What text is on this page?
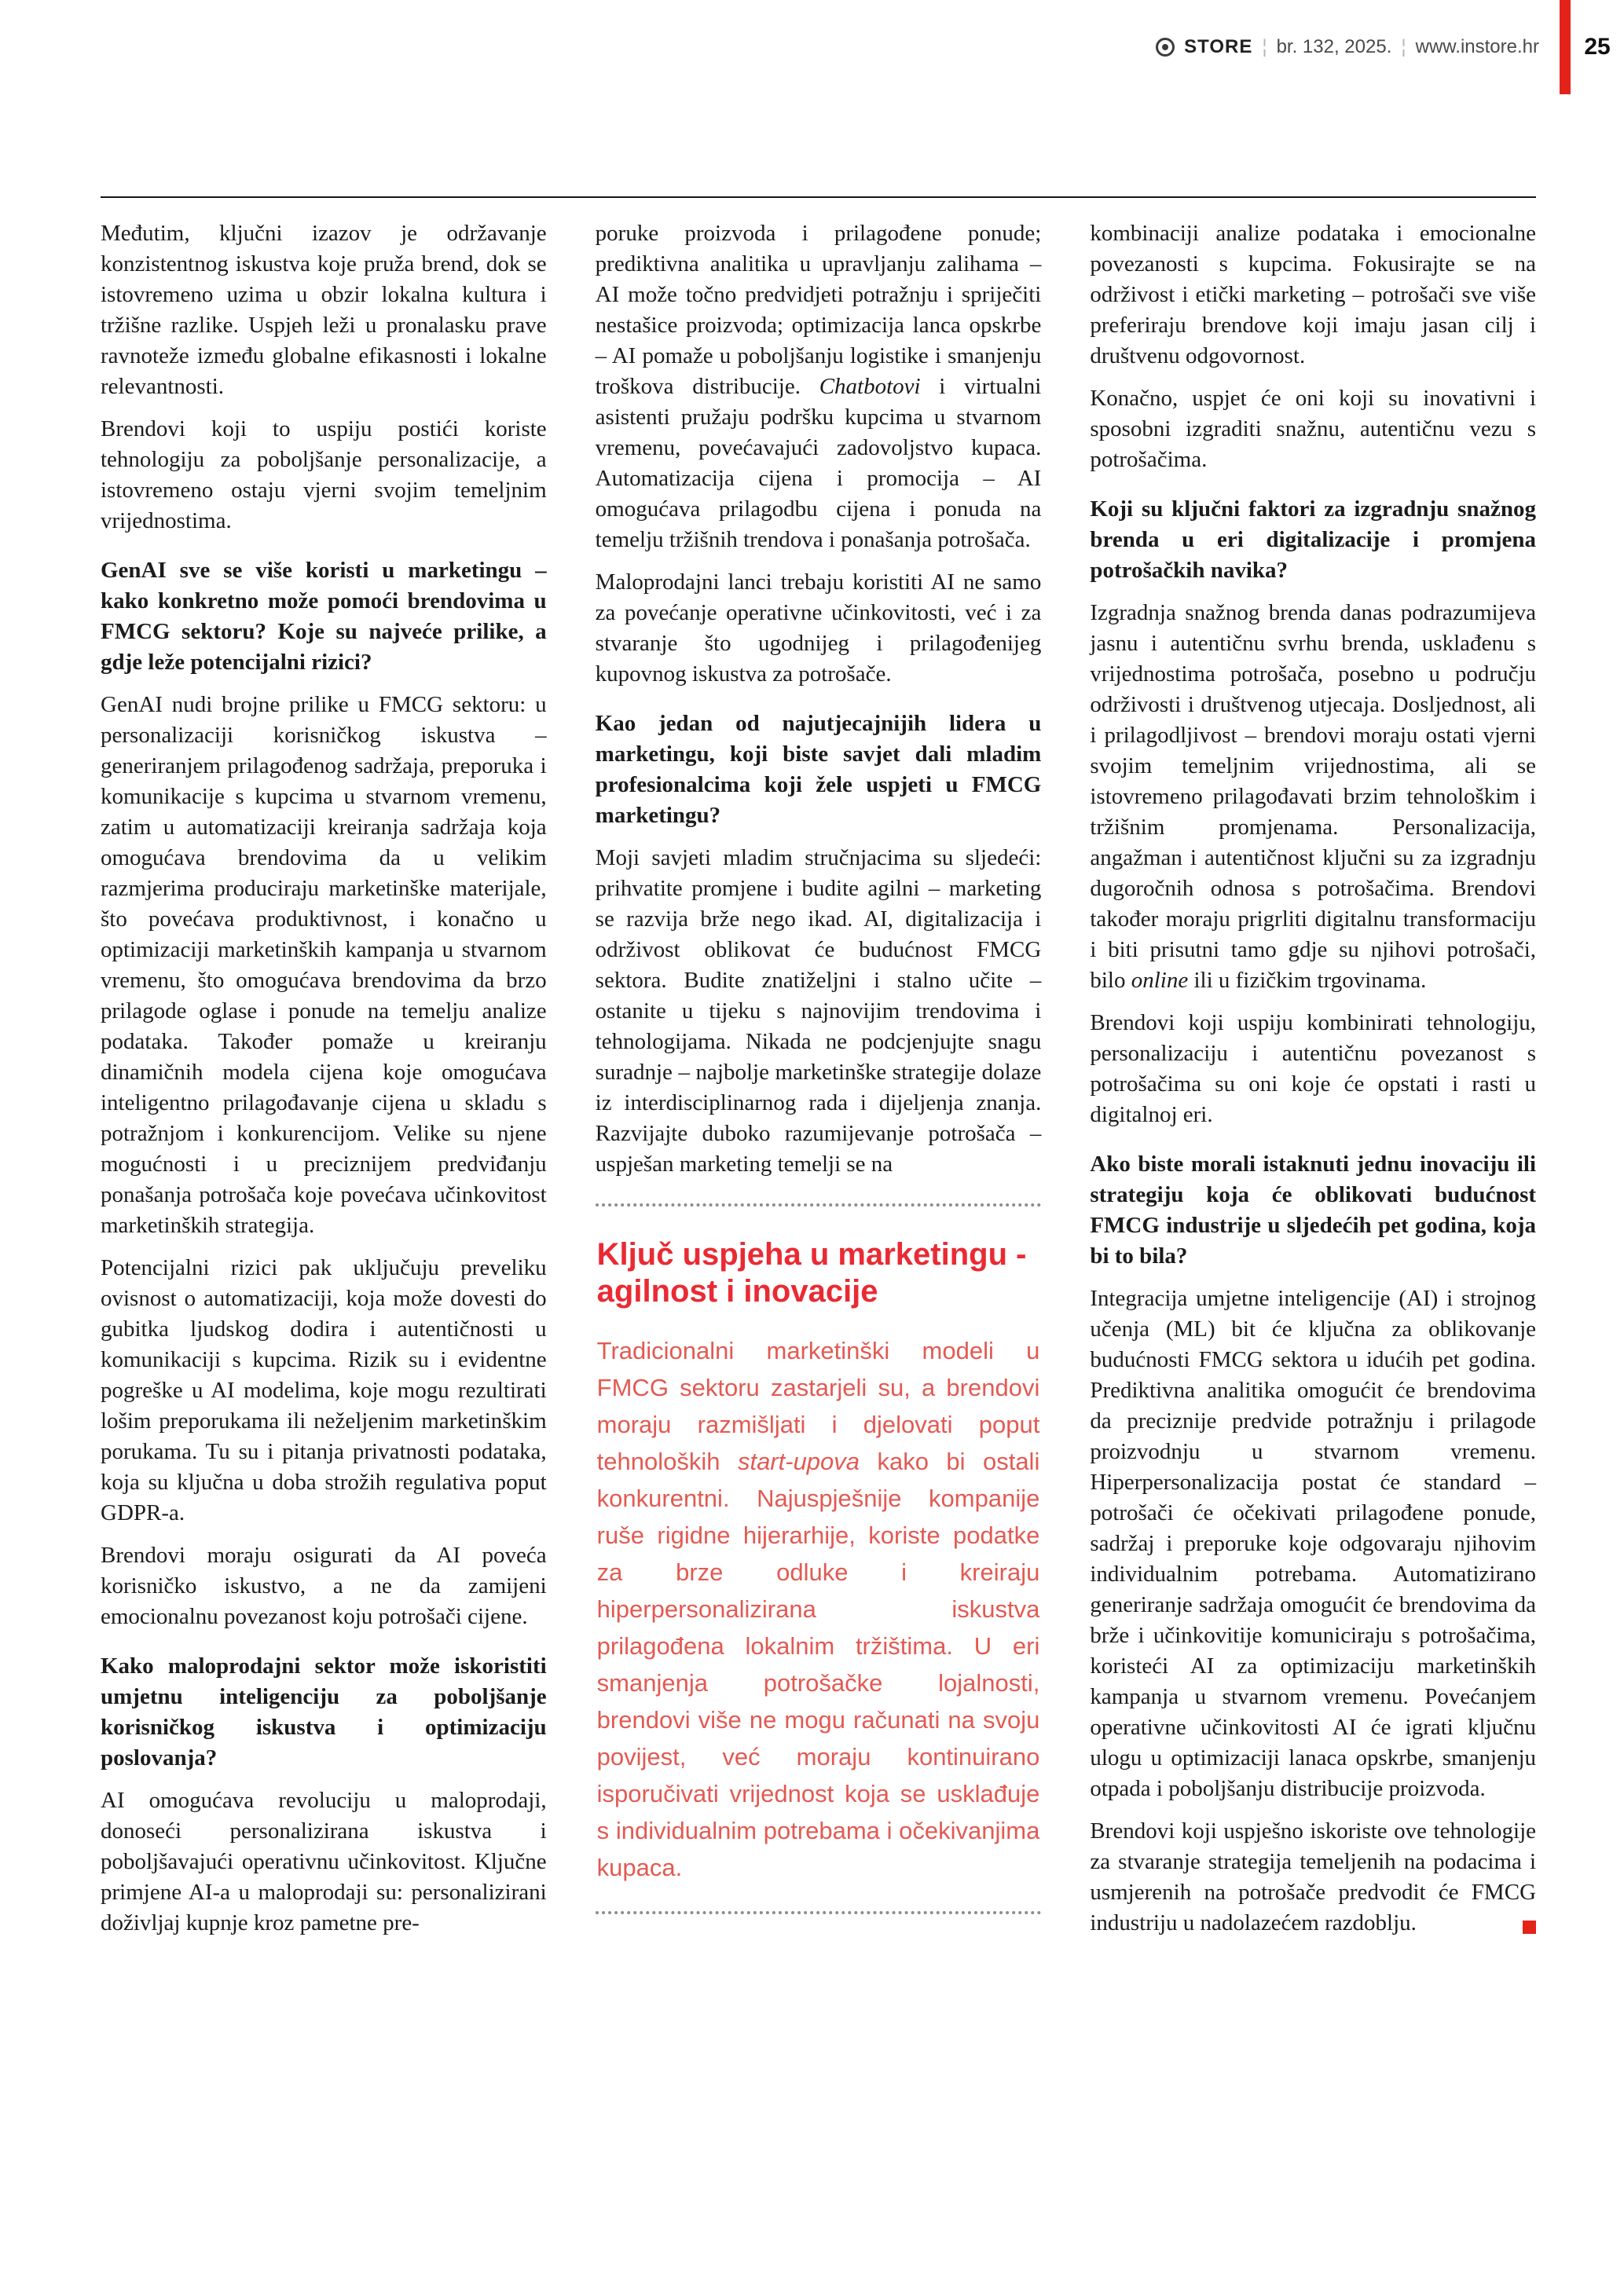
STORE ¦ br. 132, 2025. ¦ www.instore.hr	25

Međutim, ključni izazov je održavanje konzistentnog iskustva koje pruža brend, dok se istovremeno uzima u obzir lokalna kultura i tržišne razlike. Uspjeh leži u pronalasku prave ravnoteže između globalne efikasnosti i lokalne relevantnosti.

Brendovi koji to uspiju postići koriste tehnologiju za poboljšanje personalizacije, a istovremeno ostaju vjerni svojim temeljnim vrijednostima.

GenAI sve se više koristi u marketingu – kako konkretno može pomoći brendovima u FMCG sektoru? Koje su najveće prilike, a gdje leže potencijalni rizici?

GenAI nudi brojne prilike u FMCG sektoru: u personalizaciji korisničkog iskustva – generiranjem prilagođenog sadržaja, preporuka i komunikacije s kupcima u stvarnom vremenu, zatim u automatizaciji kreiranja sadržaja koja omogućava brendovima da u velikim razmjerima produciraju marketinške materijale, što povećava produktivnost, i konačno u optimizaciji marketinških kampanja u stvarnom vremenu, što omogućava brendovima da brzo prilagode oglase i ponude na temelju analize podataka. Također pomaže u kreiranju dinamičnih modela cijena koje omogućava inteligentno prilagođavanje cijena u skladu s potražnjom i konkurencijom. Velike su njene mogućnosti i u preciznijem predviđanju ponašanja potrošača koje povećava učinkovitost marketinških strategija.

Potencijalni rizici pak uključuju preveliku ovisnost o automatizaciji, koja može dovesti do gubitka ljudskog dodira i autentičnosti u komunikaciji s kupcima. Rizik su i evidentne pogreške u AI modelima, koje mogu rezultirati lošim preporukama ili neželjenim marketinškim porukama. Tu su i pitanja privatnosti podataka, koja su ključna u doba strožih regulativa poput GDPR-a.

Brendovi moraju osigurati da AI poveća korisničko iskustvo, a ne da zamijeni emocionalnu povezanost koju potrošači cijene.

Kako maloprodajni sektor može iskoristiti umjetnu inteligenciju za poboljšanje korisničkog iskustva i optimizaciju poslovanja?

AI omogućava revoluciju u maloprodaji, donoseći personalizirana iskustva i poboljšavajući operativnu učinkovitost. Ključne primjene AI-a u maloprodaji su: personalizirani doživljaj kupnje kroz pametne pre-

poruke proizvoda i prilagođene ponude; prediktivna analitika u upravljanju zalihama – AI može točno predvidjeti potražnju i spriječiti nestašice proizvoda; optimizacija lanca opskrbe – AI pomaže u poboljšanju logistike i smanjenju troškova distribucije. Chatbotovi i virtualni asistenti pružaju podršku kupcima u stvarnom vremenu, povećavajući zadovoljstvo kupaca. Automatizacija cijena i promocija – AI omogućava prilagodbu cijena i ponuda na temelju tržišnih trendova i ponašanja potrošača.

Maloprodajni lanci trebaju koristiti AI ne samo za povećanje operativne učinkovitosti, već i za stvaranje što ugodnijeg i prilagođenijeg kupovnog iskustva za potrošače.

Kao jedan od najutjecajnijih lidera u marketingu, koji biste savjet dali mladim profesionalcima koji žele uspjeti u FMCG marketingu?

Moji savjeti mladim stručnjacima su sljedeći: prihvatite promjene i budite agilni – marketing se razvija brže nego ikad. AI, digitalizacija i održivost oblikovat će budućnost FMCG sektora. Budite znatiželjni i stalno učite – ostanite u tijeku s najnovijim trendovima i tehnologijama. Nikada ne podcjenjujte snagu suradnje – najbolje marketinške strategije dolaze iz interdisciplinarnog rada i dijeljenja znanja. Razvijajte duboko razumijevanje potrošača – uspješan marketing temelji se na

Ključ uspjeha u marketingu - agilnost i inovacije

Tradicionalni marketinški modeli u FMCG sektoru zastarjeli su, a brendovi moraju razmišljati i djelovati poput tehnoloških start-upova kako bi ostali konkurentni. Najuspješnije kompanije ruše rigidne hijerarhije, koriste podatke za brze odluke i kreiraju hiperpersonalizirana iskustva prilagođena lokalnim tržištima. U eri smanjenja potrošačke lojalnosti, brendovi više ne mogu računati na svoju povijest, već moraju kontinuirano isporučivati vrijednost koja se usklađuje s individualnim potrebama i očekivanjima kupaca.

kombinaciji analize podataka i emocionalne povezanosti s kupcima. Fokusirajte se na održivost i etički marketing – potrošači sve više preferiraju brendove koji imaju jasan cilj i društvenu odgovornost.

Konačno, uspjet će oni koji su inovativni i sposobni izgraditi snažnu, autentičnu vezu s potrošačima.

Koji su ključni faktori za izgradnju snažnog brenda u eri digitalizacije i promjena potrošačkih navika?

Izgradnja snažnog brenda danas podrazumijeva jasnu i autentičnu svrhu brenda, usklađenu s vrijednostima potrošača, posebno u području održivosti i društvenog utjecaja. Dosljednost, ali i prilagodljivost – brendovi moraju ostati vjerni svojim temeljnim vrijednostima, ali se istovremeno prilagođavati brzim tehnološkim i tržišnim promjenama. Personalizacija, angažman i autentičnost ključni su za izgradnju dugoročnih odnosa s potrošačima. Brendovi također moraju prigrliti digitalnu transformaciju i biti prisutni tamo gdje su njihovi potrošači, bilo online ili u fizičkim trgovinama.

Brendovi koji uspiju kombinirati tehnologiju, personalizaciju i autentičnu povezanost s potrošačima su oni koje će opstati i rasti u digitalnoj eri.

Ako biste morali istaknuti jednu inovaciju ili strategiju koja će oblikovati budućnost FMCG industrije u sljedećih pet godina, koja bi to bila?

Integracija umjetne inteligencije (AI) i strojnog učenja (ML) bit će ključna za oblikovanje budućnosti FMCG sektora u idućih pet godina. Prediktivna analitika omogućit će brendovima da preciznije predvide potražnju i prilagode proizvodnju u stvarnom vremenu. Hiperpersonalizacija postat će standard – potrošači će očekivati prilagođene ponude, sadržaj i preporuke koje odgovaraju njihovim individualnim potrebama. Automatizirano generiranje sadržaja omogućit će brendovima da brže i učinkovitije komuniciraju s potrošačima, koristeći AI za optimizaciju marketinških kampanja u stvarnom vremenu. Povećanjem operativne učinkovitosti AI će igrati ključnu ulogu u optimizaciji lanaca opskrbe, smanjenju otpada i poboljšanju distribucije proizvoda.

Brendovi koji uspješno iskoriste ove tehnologije za stvaranje strategija temeljenih na podacima i usmjerenih na potrošače predvodit će FMCG industriju u nadolazećem razdoblju.
